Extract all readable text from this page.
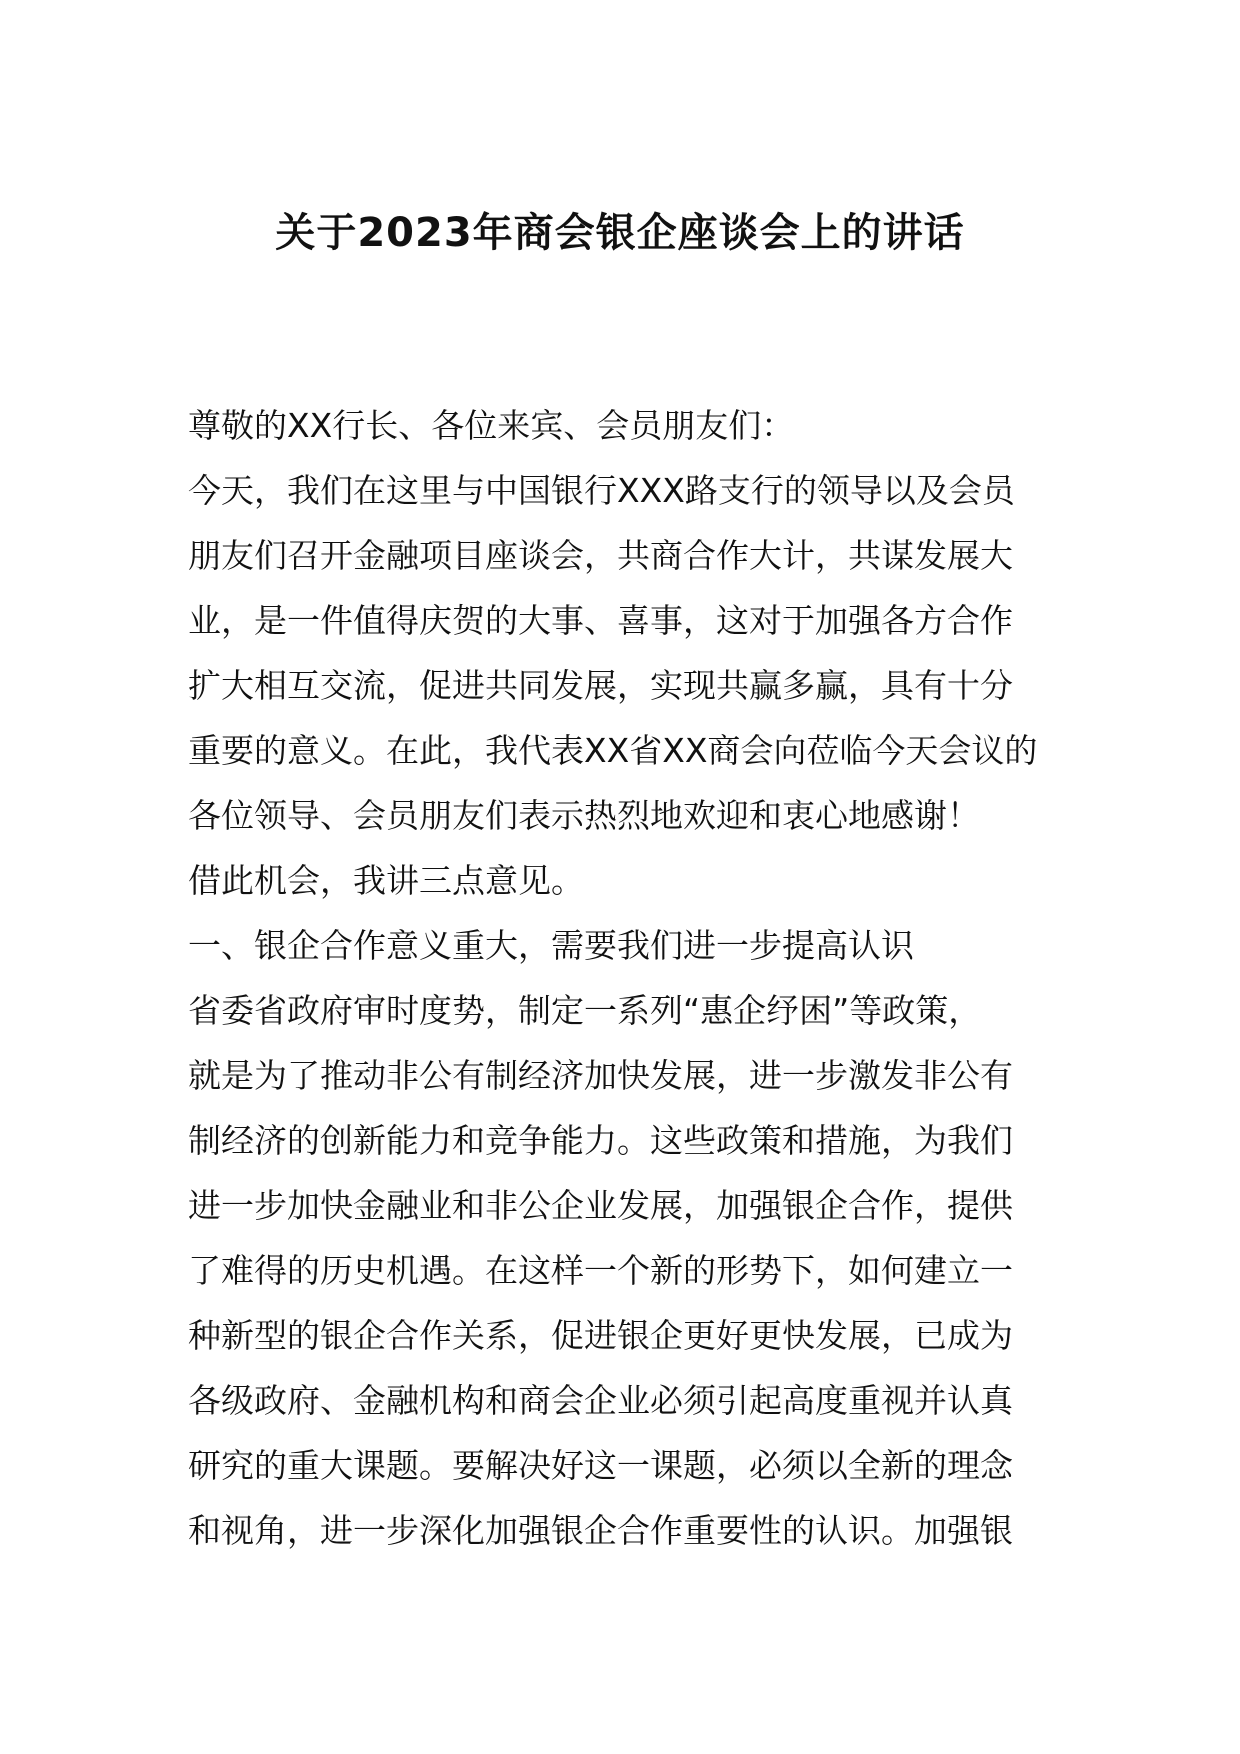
关于2023年商会银企座谈会上的讲话
尊敬的XX行长、各位来宾、会员朋友们：
今天，我们在这里与中国银行XXX路支行的领导以及会员
朋友们召开金融项目座谈会，共商合作大计，共谋发展大
业，是一件值得庆贺的大事、喜事，这对于加强各方合作
扩大相互交流，促进共同发展，实现共赢多赢，具有十分
重要的意义。在此，我代表XX省XX商会向莅临今天会议的
各位领导、会员朋友们表示热烈地欢迎和衷心地感谢！
借此机会，我讲三点意见。
一、银企合作意义重大，需要我们进一步提高认识
省委省政府审时度势，制定一系列“惠企纾困”等政策，
就是为了推动非公有制经济加快发展，进一步激发非公有
制经济的创新能力和竞争能力。这些政策和措施，为我们
进一步加快金融业和非公企业发展，加强银企合作，提供
了难得的历史机遇。在这样一个新的形势下，如何建立一
种新型的银企合作关系，促进银企更好更快发展，已成为
各级政府、金融机构和商会企业必须引起高度重视并认真
研究的重大课题。要解决好这一课题，必须以全新的理念
和视角，进一步深化加强银企合作重要性的认识。加强银
